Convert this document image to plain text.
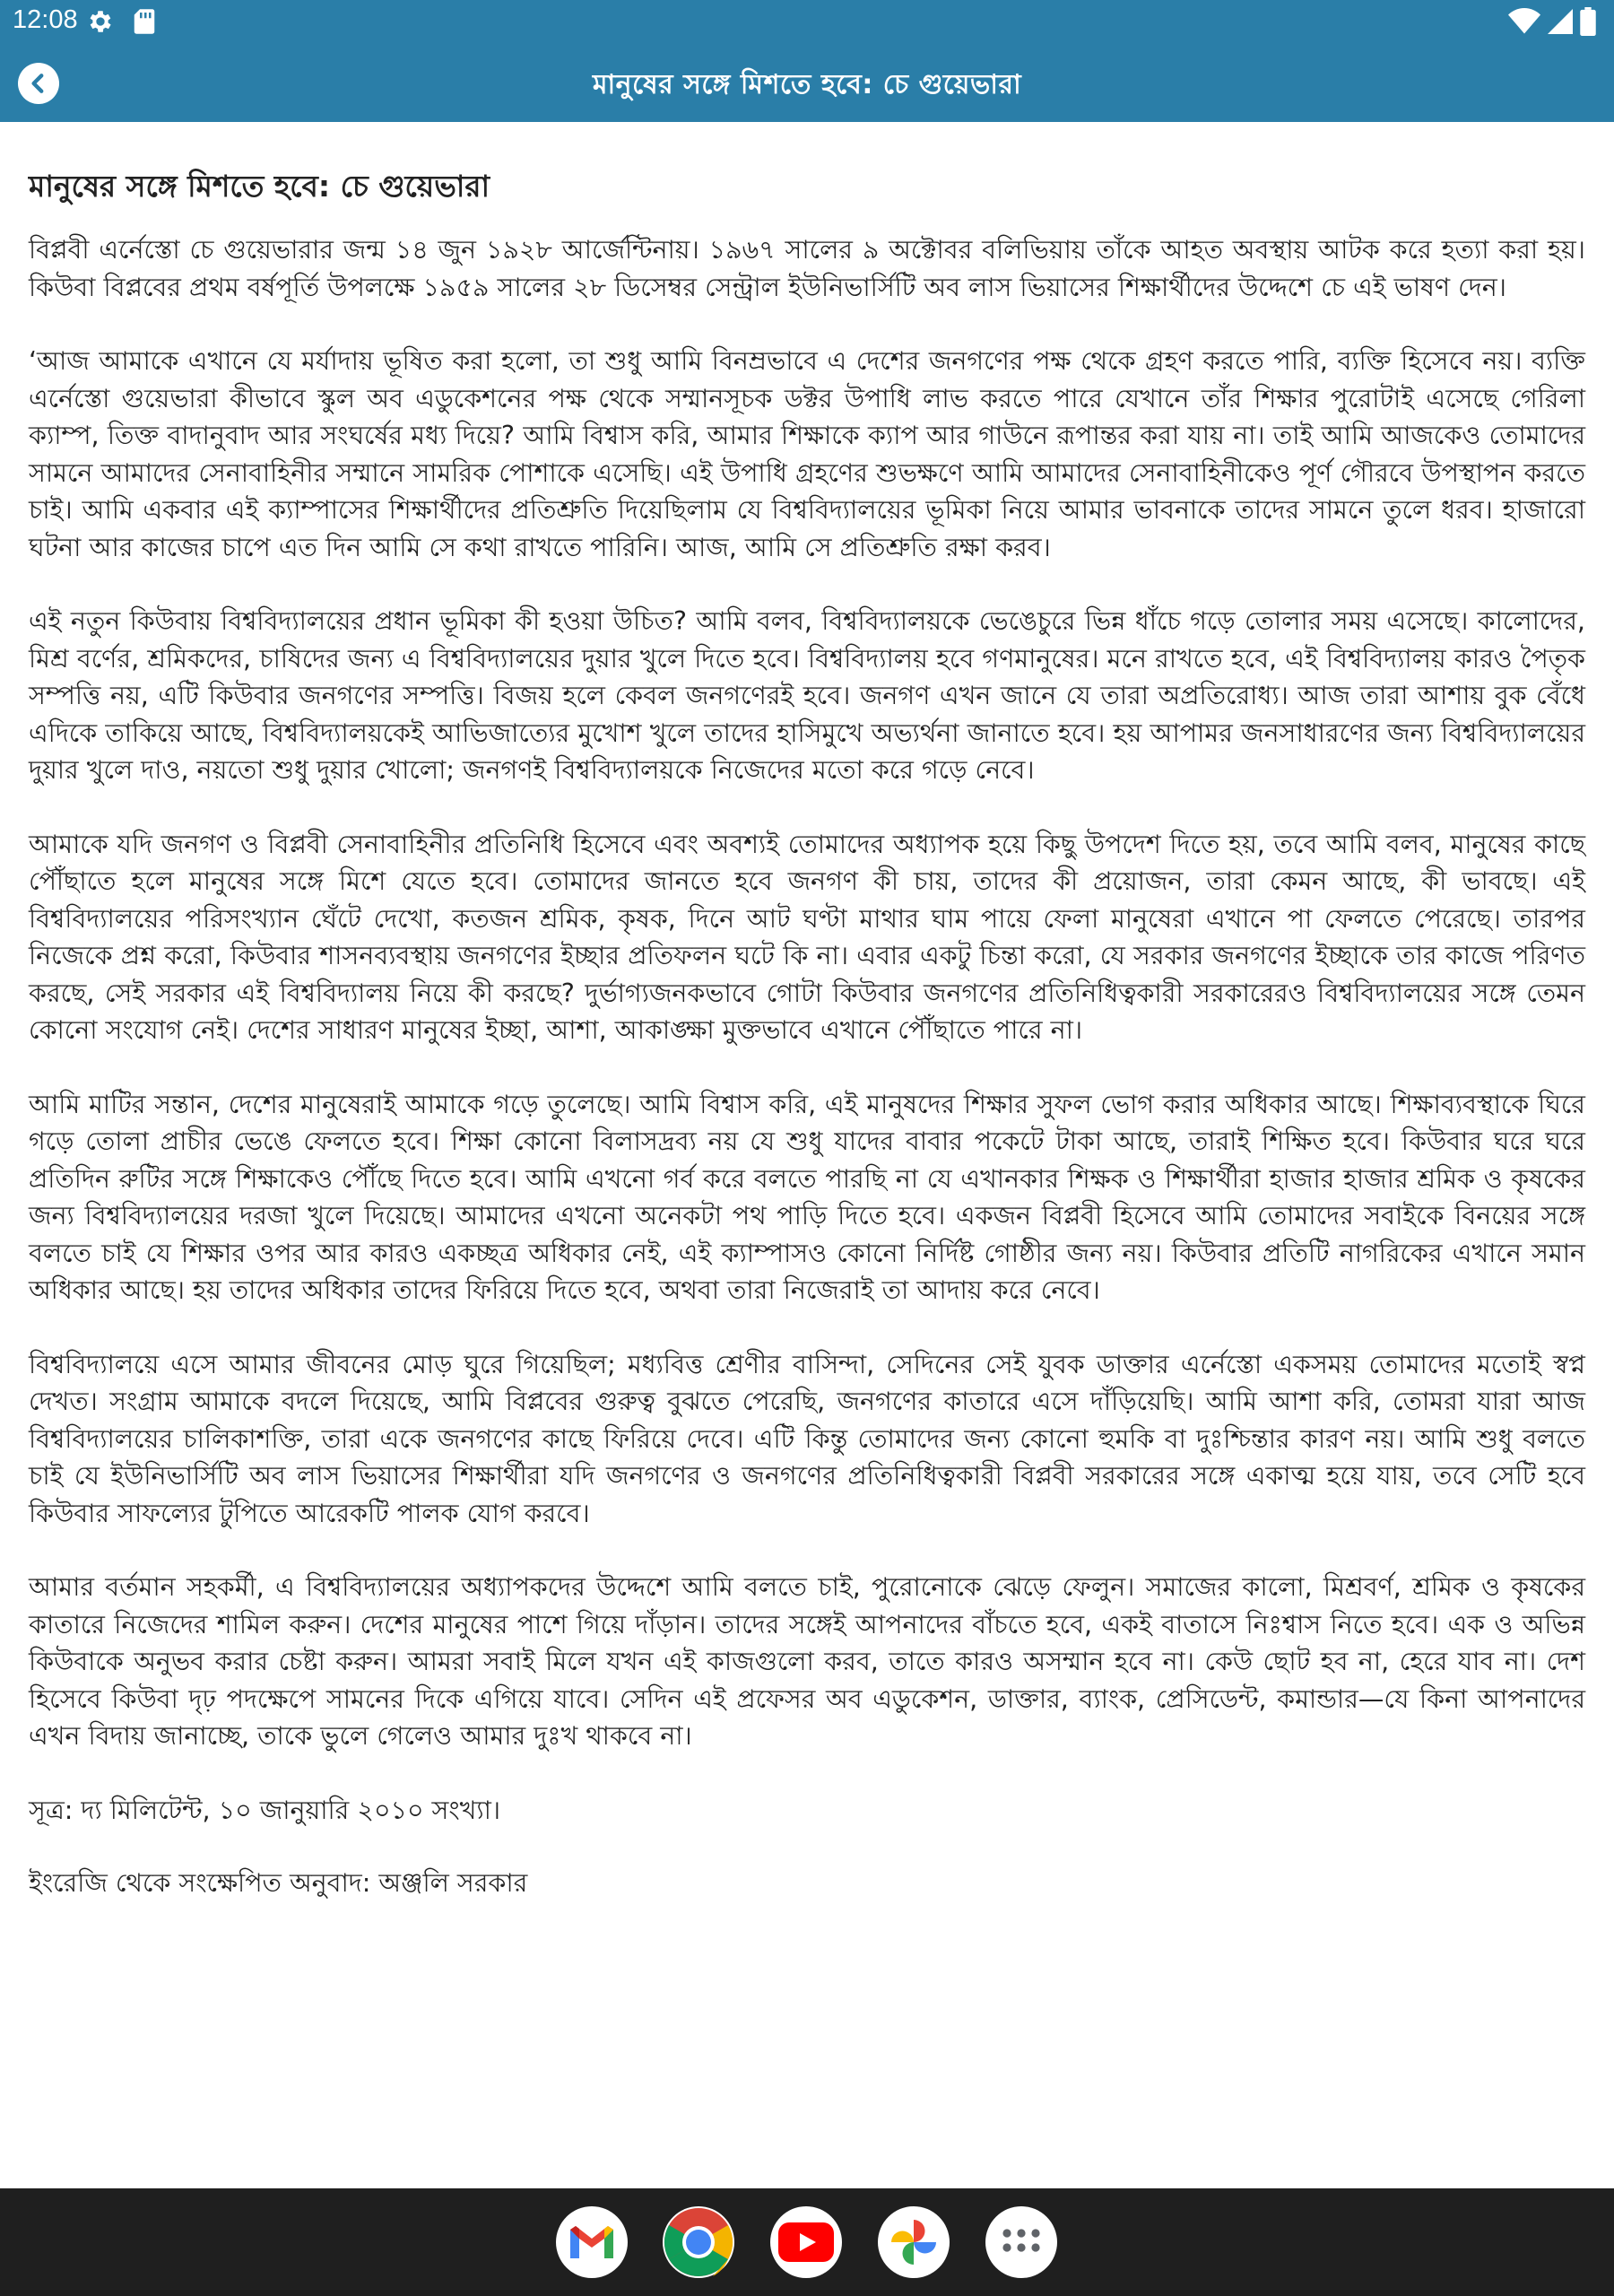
12:08
মানুষের সঙ্গে মিশতে হবে: চে গুয়েভারা
মানুষের সঙ্গে মিশতে হবে: চে গুয়েভারা

বিপ্লবী এর্নেস্তো চে গুয়েভারার জন্ম ১৪ জুন ১৯২৮ আর্জেন্টিনায়। ১৯৬৭ সালের ৯ অক্টোবর বলিভিয়ায় তাঁকে আহত অবস্থায় আটক করে হত্যা করা হয়। কিউবা বিপ্লবের প্রথম বর্ষপূর্তি উপলক্ষে ১৯৫৯ সালের ২৮ ডিসেম্বর সেন্ট্রাল ইউনিভার্সিটি অব লাস ভিয়াসের শিক্ষার্থীদের উদ্দেশে চে এই ভাষণ দেন।

‘আজ আমাকে এখানে যে মর্যাদায় ভূষিত করা হলো, তা শুধু আমি বিনম্রভাবে এ দেশের জনগণের পক্ষ থেকে গ্রহণ করতে পারি, ব্যক্তি হিসেবে নয়। ব্যক্তি এর্নেস্তো গুয়েভারা কীভাবে স্কুল অব এডুকেশনের পক্ষ থেকে সম্মানসূচক ডক্টর উপাধি লাভ করতে পারে যেখানে তাঁর শিক্ষার পুরোটাই এসেছে গেরিলা ক্যাম্প, তিক্ত বাদানুবাদ আর সংঘর্ষের মধ্য দিয়ে? আমি বিশ্বাস করি, আমার শিক্ষাকে ক্যাপ আর গাউনে রূপান্তর করা যায় না। তাই আমি আজকেও তোমাদের সামনে আমাদের সেনাবাহিনীর সম্মানে সামরিক পোশাকে এসেছি। এই উপাধি গ্রহণের শুভক্ষণে আমি আমাদের সেনাবাহিনীকেও পূর্ণ গৌরবে উপস্থাপন করতে চাই। আমি একবার এই ক্যাম্পাসের শিক্ষার্থীদের প্রতিশ্রুতি দিয়েছিলাম যে বিশ্ববিদ্যালয়ের ভূমিকা নিয়ে আমার ভাবনাকে তাদের সামনে তুলে ধরব। হাজারো ঘটনা আর কাজের চাপে এত দিন আমি সে কথা রাখতে পারিনি। আজ, আমি সে প্রতিশ্রুতি রক্ষা করব।

এই নতুন কিউবায় বিশ্ববিদ্যালয়ের প্রধান ভূমিকা কী হওয়া উচিত? আমি বলব, বিশ্ববিদ্যালয়কে ভেঙেচুরে ভিন্ন ধাঁচে গড়ে তোলার সময় এসেছে। কালোদের, মিশ্র বর্ণের, শ্রমিকদের, চাষিদের জন্য এ বিশ্ববিদ্যালয়ের দুয়ার খুলে দিতে হবে। বিশ্ববিদ্যালয় হবে গণমানুষের। মনে রাখতে হবে, এই বিশ্ববিদ্যালয় কারও পৈতৃক সম্পত্তি নয়, এটি কিউবার জনগণের সম্পত্তি। বিজয় হলে কেবল জনগণেরই হবে। জনগণ এখন জানে যে তারা অপ্রতিরোধ্য। আজ তারা আশায় বুক বেঁধে এদিকে তাকিয়ে আছে, বিশ্ববিদ্যালয়কেই আভিজাত্যের মুখোশ খুলে তাদের হাসিমুখে অভ্যর্থনা জানাতে হবে। হয় আপামর জনসাধারণের জন্য বিশ্ববিদ্যালয়ের দুয়ার খুলে দাও, নয়তো শুধু দুয়ার খোলো; জনগণই বিশ্ববিদ্যালয়কে নিজেদের মতো করে গড়ে নেবে।

আমাকে যদি জনগণ ও বিপ্লবী সেনাবাহিনীর প্রতিনিধি হিসেবে এবং অবশ্যই তোমাদের অধ্যাপক হয়ে কিছু উপদেশ দিতে হয়, তবে আমি বলব, মানুষের কাছে পৌঁছাতে হলে মানুষের সঙ্গে মিশে যেতে হবে। তোমাদের জানতে হবে জনগণ কী চায়, তাদের কী প্রয়োজন, তারা কেমন আছে, কী ভাবছে। এই বিশ্ববিদ্যালয়ের পরিসংখ্যান ঘেঁটে দেখো, কতজন শ্রমিক, কৃষক, দিনে আট ঘণ্টা মাথার ঘাম পায়ে ফেলা মানুষেরা এখানে পা ফেলতে পেরেছে। তারপর নিজেকে প্রশ্ন করো, কিউবার শাসনব্যবস্থায় জনগণের ইচ্ছার প্রতিফলন ঘটে কি না। এবার একটু চিন্তা করো, যে সরকার জনগণের ইচ্ছাকে তার কাজে পরিণত করছে, সেই সরকার এই বিশ্ববিদ্যালয় নিয়ে কী করছে? দুর্ভাগ্যজনকভাবে গোটা কিউবার জনগণের প্রতিনিধিত্বকারী সরকারেরও বিশ্ববিদ্যালয়ের সঙ্গে তেমন কোনো সংযোগ নেই। দেশের সাধারণ মানুষের ইচ্ছা, আশা, আকাঙ্ক্ষা মুক্তভাবে এখানে পৌঁছাতে পারে না।

আমি মাটির সন্তান, দেশের মানুষেরাই আমাকে গড়ে তুলেছে। আমি বিশ্বাস করি, এই মানুষদের শিক্ষার সুফল ভোগ করার অধিকার আছে। শিক্ষাব্যবস্থাকে ঘিরে গড়ে তোলা প্রাচীর ভেঙে ফেলতে হবে। শিক্ষা কোনো বিলাসদ্রব্য নয় যে শুধু যাদের বাবার পকেটে টাকা আছে, তারাই শিক্ষিত হবে। কিউবার ঘরে ঘরে প্রতিদিন রুটির সঙ্গে শিক্ষাকেও পৌঁছে দিতে হবে। আমি এখনো গর্ব করে বলতে পারছি না যে এখানকার শিক্ষক ও শিক্ষার্থীরা হাজার হাজার শ্রমিক ও কৃষকের জন্য বিশ্ববিদ্যালয়ের দরজা খুলে দিয়েছে। আমাদের এখনো অনেকটা পথ পাড়ি দিতে হবে। একজন বিপ্লবী হিসেবে আমি তোমাদের সবাইকে বিনয়ের সঙ্গে বলতে চাই যে শিক্ষার ওপর আর কারও একচ্ছত্র অধিকার নেই, এই ক্যাম্পাসও কোনো নির্দিষ্ট গোষ্ঠীর জন্য নয়। কিউবার প্রতিটি নাগরিকের এখানে সমান অধিকার আছে। হয় তাদের অধিকার তাদের ফিরিয়ে দিতে হবে, অথবা তারা নিজেরাই তা আদায় করে নেবে।

বিশ্ববিদ্যালয়ে এসে আমার জীবনের মোড় ঘুরে গিয়েছিল; মধ্যবিত্ত শ্রেণীর বাসিন্দা, সেদিনের সেই যুবক ডাক্তার এর্নেস্তো একসময় তোমাদের মতোই স্বপ্ন দেখত। সংগ্রাম আমাকে বদলে দিয়েছে, আমি বিপ্লবের গুরুত্ব বুঝতে পেরেছি, জনগণের কাতারে এসে দাঁড়িয়েছি। আমি আশা করি, তোমরা যারা আজ বিশ্ববিদ্যালয়ের চালিকাশক্তি, তারা একে জনগণের কাছে ফিরিয়ে দেবে। এটি কিন্তু তোমাদের জন্য কোনো হুমকি বা দুঃশ্চিন্তার কারণ নয়। আমি শুধু বলতে চাই যে ইউনিভার্সিটি অব লাস ভিয়াসের শিক্ষার্থীরা যদি জনগণের ও জনগণের প্রতিনিধিত্বকারী বিপ্লবী সরকারের সঙ্গে একাত্ম হয়ে যায়, তবে সেটি হবে কিউবার সাফল্যের টুপিতে আরেকটি পালক যোগ করবে।

আমার বর্তমান সহকর্মী, এ বিশ্ববিদ্যালয়ের অধ্যাপকদের উদ্দেশে আমি বলতে চাই, পুরোনোকে ঝেড়ে ফেলুন। সমাজের কালো, মিশ্রবর্ণ, শ্রমিক ও কৃষকের কাতারে নিজেদের শামিল করুন। দেশের মানুষের পাশে গিয়ে দাঁড়ান। তাদের সঙ্গেই আপনাদের বাঁচতে হবে, একই বাতাসে নিঃশ্বাস নিতে হবে। এক ও অভিন্ন কিউবাকে অনুভব করার চেষ্টা করুন। আমরা সবাই মিলে যখন এই কাজগুলো করব, তাতে কারও অসম্মান হবে না। কেউ ছোট হব না, হেরে যাব না। দেশ হিসেবে কিউবা দৃঢ় পদক্ষেপে সামনের দিকে এগিয়ে যাবে। সেদিন এই প্রফেসর অব এডুকেশন, ডাক্তার, ব্যাংক, প্রেসিডেন্ট, কমান্ডার—যে কিনা আপনাদের এখন বিদায় জানাচ্ছে, তাকে ভুলে গেলেও আমার দুঃখ থাকবে না।

সূত্র: দ্য মিলিটেন্ট, ১০ জানুয়ারি ২০১০ সংখ্যা।

ইংরেজি থেকে সংক্ষেপিত অনুবাদ: অঞ্জলি সরকার
